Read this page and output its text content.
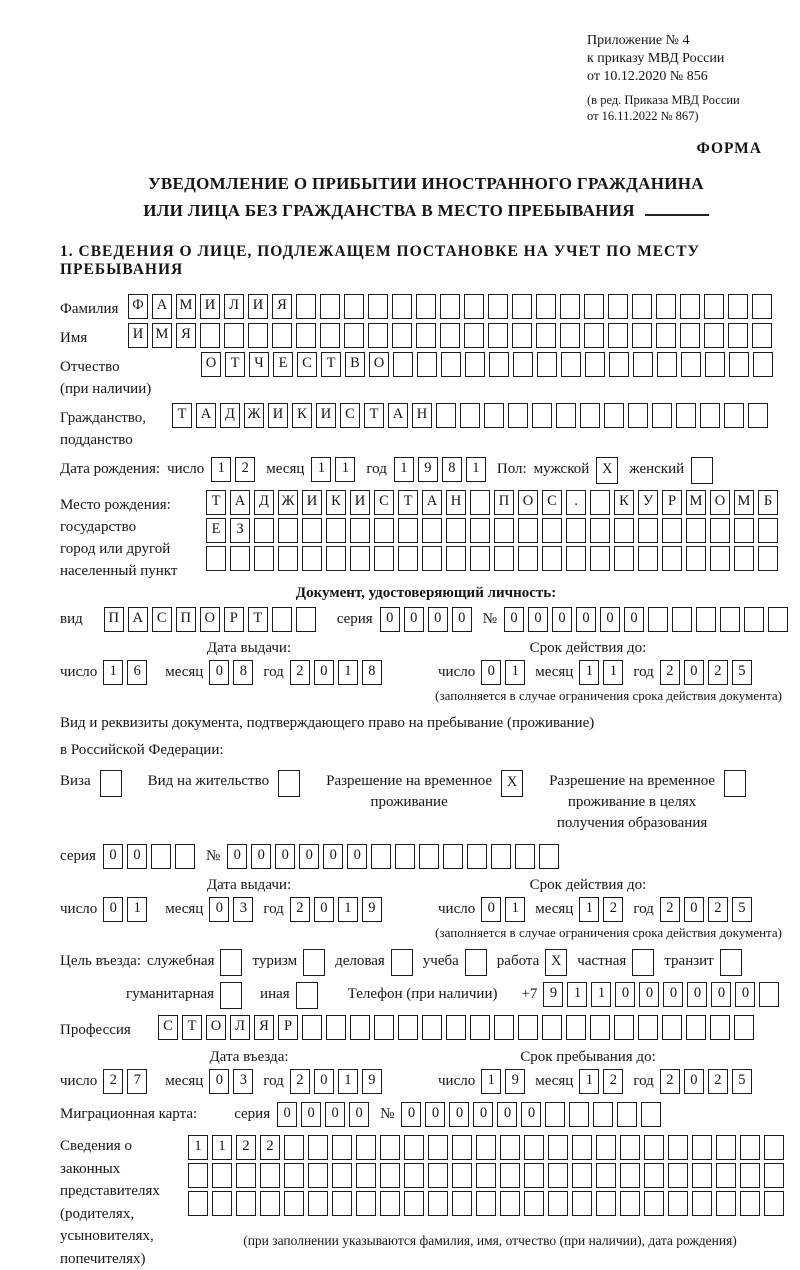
Приложение № 4
к приказу МВД России
от 10.12.2020 № 856
(в ред. Приказа МВД России
от 16.11.2022 № 867)
ФОРМА
УВЕДОМЛЕНИЕ О ПРИБЫТИИ ИНОСТРАННОГО ГРАЖДАНИНА
ИЛИ ЛИЦА БЕЗ ГРАЖДАНСТВА В МЕСТО ПРЕБЫВАНИЯ
1. СВЕДЕНИЯ О ЛИЦЕ, ПОДЛЕЖАЩЕМ ПОСТАНОВКЕ НА УЧЕТ ПО МЕСТУ ПРЕБЫВАНИЯ
Фамилия Ф А М И Л И Я
Имя	И М Я
Отчество
(при наличии)
О Т	Ч	Е	С	Т	В О
Гражданство,
подданство
Т А Д Ж И К И С	Т А Н
Дата рождения: число 1	2	месяц 1	1	год 1	9	8	1	Пол: мужской X	женский
Место рождения:
государство
город или другой
населенный пункт
Т А Д Ж И К И С	Т А Н	П О С	.	К У	Р М О М Б
Е	З
Документ, удостоверяющий личность:
вид	П А С П О	Р	Т	серия 0	0	0	0	№ 0	0	0	0	0	0
Дата выдачи:
число 1	6	месяц 0	8	год 2	0	1	8
Срок действия до:
число 0	1	месяц 1	1	год 2	0	2	5
(заполняется в случае ограничения срока действия документа)
Вид и реквизиты документа, подтверждающего право на пребывание (проживание)
в Российской Федерации:
Виза	Вид на жительство	Разрешение на временное
проживание
X	Разрешение на временное
проживание в целях
получения образования
серия 0	0	№ 0	0	0	0	0	0
Дата выдачи:
число 0	1	месяц 0	3	год 2	0	1	9
Срок действия до:
число 0	1	месяц 1	2	год 2	0	2	5
(заполняется в случае ограничения срока действия документа)
Цель въезда: служебная	туризм	деловая	учеба	работа X	частная	транзит
гуманитарная	иная	Телефон (при наличии) +7 9	1	1	0	0	0	0	0	0
Профессия	С	Т О Л Я	Р
Дата въезда:
число 2	7	месяц 0	3	год 2	0	1	9
Срок пребывания до:
число 1	9	месяц 1	2	год 2	0	2	5
Миграционная карта: серия 0	0	0	0	№ 0	0	0	0	0	0
Сведения о
законных
представителях
(родителях,
усыновителях,
попечителях)
1	1	2	2
(при заполнении указываются фамилия, имя, отчество (при наличии), дата рождения)
